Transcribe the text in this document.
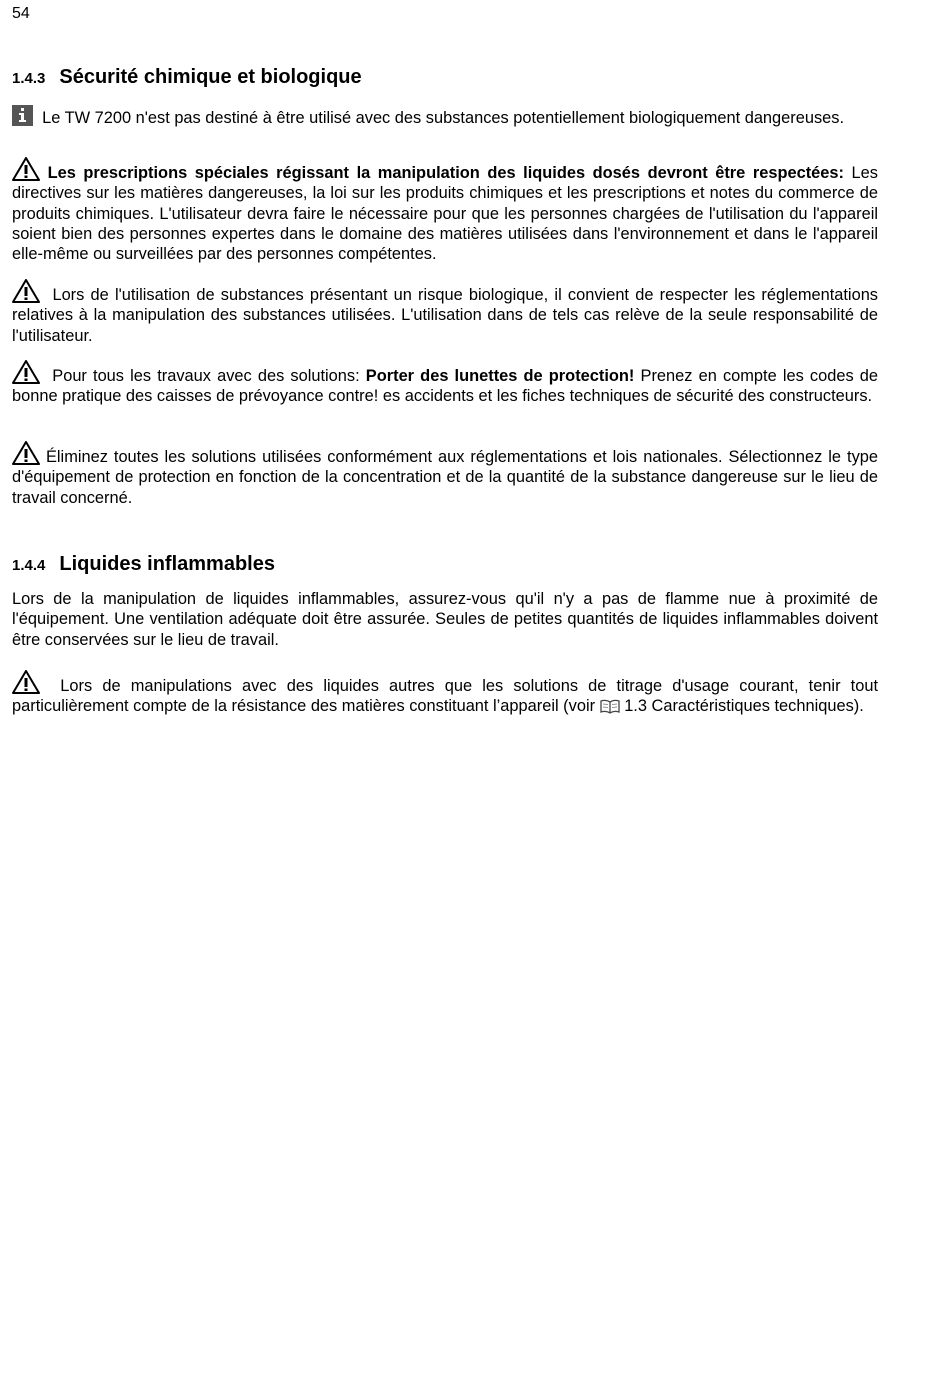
54
1.4.3 Sécurité chimique et biologique

Le TW 7200 n'est pas destiné à être utilisé avec des substances potentiellement biologiquement dangereuses.

Les prescriptions spéciales régissant la manipulation des liquides dosés devront être respectées: Les directives sur les matières dangereuses, la loi sur les produits chimiques et les prescriptions et notes du commerce de produits chimiques. L'utilisateur devra faire le nécessaire pour que les personnes chargées de l'utilisation du l'appareil soient bien des personnes expertes dans le domaine des matières utilisées dans l'environnement et dans le l'appareil elle-même ou surveillées par des personnes compétentes.

Lors de l'utilisation de substances présentant un risque biologique, il convient de respecter les réglementations relatives à la manipulation des substances utilisées. L'utilisation dans de tels cas relève de la seule responsabilité de l'utilisateur.

Pour tous les travaux avec des solutions: Porter des lunettes de protection! Prenez en compte les codes de bonne pratique des caisses de prévoyance contre! es accidents et les fiches techniques de sécurité des constructeurs.

Éliminez toutes les solutions utilisées conformément aux réglementations et lois nationales. Sélectionnez le type d'équipement de protection en fonction de la concentration et de la quantité de la substance dangereuse sur le lieu de travail concerné.

1.4.4 Liquides inflammables

Lors de la manipulation de liquides inflammables, assurez-vous qu'il n'y a pas de flamme nue à proximité de l'équipement. Une ventilation adéquate doit être assurée. Seules de petites quantités de liquides inflammables doivent être conservées sur le lieu de travail.

Lors de manipulations avec des liquides autres que les solutions de titrage d'usage courant, tenir tout particulièrement compte de la résistance des matières constituant l’appareil (voir 1.3 Caractéristiques techniques).
